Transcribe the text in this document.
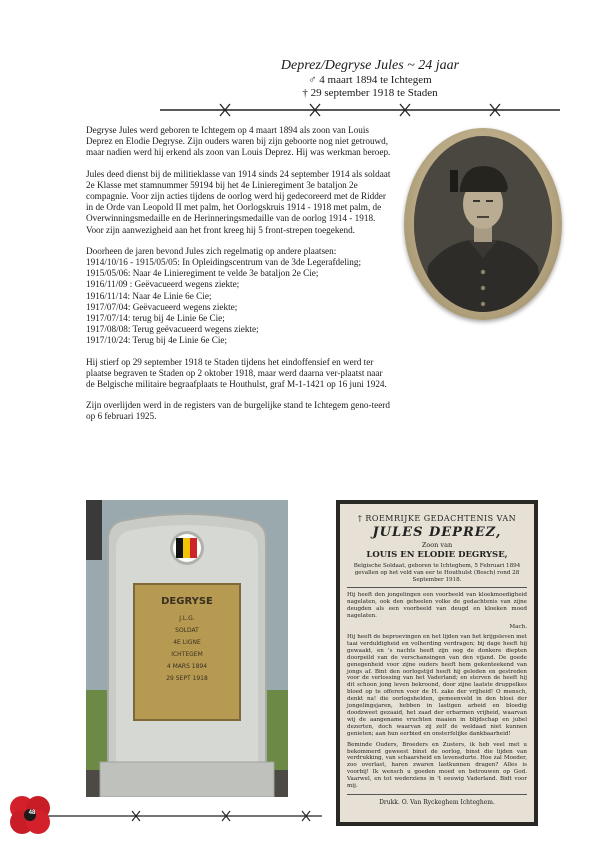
Deprez/Degryse Jules ~ 24 jaar

♂ 4 maart 1894 te Ichtegem

† 29 september 1918 te Staden

Degryse Jules werd geboren te Ichtegem op 4 maart 1894 als zoon van Louis Deprez en Elodie Degryse. Zijn ouders waren bij zijn geboorte nog niet getrouwd, maar nadien werd hij erkend als zoon van Louis Deprez. Hij was werkman beroep.

Jules deed dienst bij de militieklasse van 1914 sinds 24 september 1914 als soldaat 2e Klasse met stamnummer 59194 bij het 4e Linieregiment 3e bataljon 2e compagnie. Voor zijn acties tijdens de oorlog werd hij gedecoreerd met de Ridder in de Orde van Leopold II met palm, het Oorlogskruis 1914 - 1918 met palm, de Overwinningsmedaille en de Herinneringsmedaille van de oorlog 1914 - 1918. Voor zijn aanwezigheid aan het front kreeg hij 5 front-strepen toegekend.

Doorheen de jaren bevond Jules zich regelmatig op andere plaatsen:
1914/10/16 - 1915/05/05: In Opleidingscentrum van de 3de Legerafdeling;
1915/05/06: Naar 4e Linieregiment te velde 3e bataljon 2e Cie;
1916/11/09 : Geëvacueerd wegens ziekte;
1916/11/14: Naar 4e Linie 6e Cie;
1917/07/04: Geëvacueerd wegens ziekte;
1917/07/14: terug bij 4e Linie 6e Cie;
1917/08/08: Terug geëvacueerd wegens ziekte;
1917/10/24: Terug bij 4e Linie 6e Cie;

Hij stierf op 29 september 1918 te Staden tijdens het eindoffensief en werd ter plaatse begraven te Staden op 2 oktober 1918, maar werd daarna ver-plaatst naar de Belgische militaire begraafplaats te Houthulst, graf M-1-1421 op 16 juni 1924.

Zijn overlijden werd in de registers van de burgelijke stand te Ichtegem geno-teerd op 6 februari 1925.

DEGRYSE
J.L.G.
SOLDAT
4E LIGNE
ICHTEGEM
4 MARS 1894
29 SEPT 1918

† ROEMRIJKE GEDACHTENIS VAN

JULES DEPREZ,

Zoon van

LOUIS EN ELODIE DEGRYSE,

Belgische Soldaat, geboren te Ichteghem, 5 Februari 1894 gevallen op het veld van eer te Houthulst (Bosch) rond 28 September 1918.

Hij heeft den jongelingen een voorbeeld van kloekmoedigheid nagelaten, ook den geheelen volke de gedachtenis van zijne deugden als een voorbeeld van deugd en kloeken moed nagelaten.

Mach.

Hij heeft de beproevingen en het lijden van het krijgsleven met taai verduldigheid en volherding verdragen; bij dage heeft hij gewaakt, en 's nachts heeft zijn oog de donkere diepten doorpeild van de verschansingen van den vijand. De goede genegenheid voor zijne ouders heeft hem gekenteekend van jongs af. Bint den oorlogstijd heeft hij geleden en gestreden voor de verlossing van het Vaderland; en sterven de heeft hij dit schoon jong leven bekroond, door zijne laatste druppelkes bloed op te offeren voor de H. zake der vrijheid! O mensch, denkt na! die oorlogshelden, gemeenveld in den bloei der jongelingsjaren, hebben in lastigen arbeid en bloedig doodzweet gezaaid, het zaad der erbarmen vrijheid, waarvan wij de aangename vruchten maaien in blijdschap en jubel dezerten, doch waarvan zij zelf de weldaad niet kunnen genieten; aan hun eerbied en onsterfelijke dankbaarheid!

Beminde Ouders, Broeders en Zusters, ik heb veel met u bekommerd geweest binst de oorlog, binst die lijden van verdrukking, van schaarsheid en levensdurte. Hoe zal Moeder, zoo overlast, haren zwaren lastkunnen dragen? Alles is voorbij! Ik wensch u goeden moed en betrouwen op God. Vaarwel, en tot wederziens in 't eeuwig Vaderland. Bidt voor mij.

Drukk. O. Van Ryckeghem Ichteghem.

48
